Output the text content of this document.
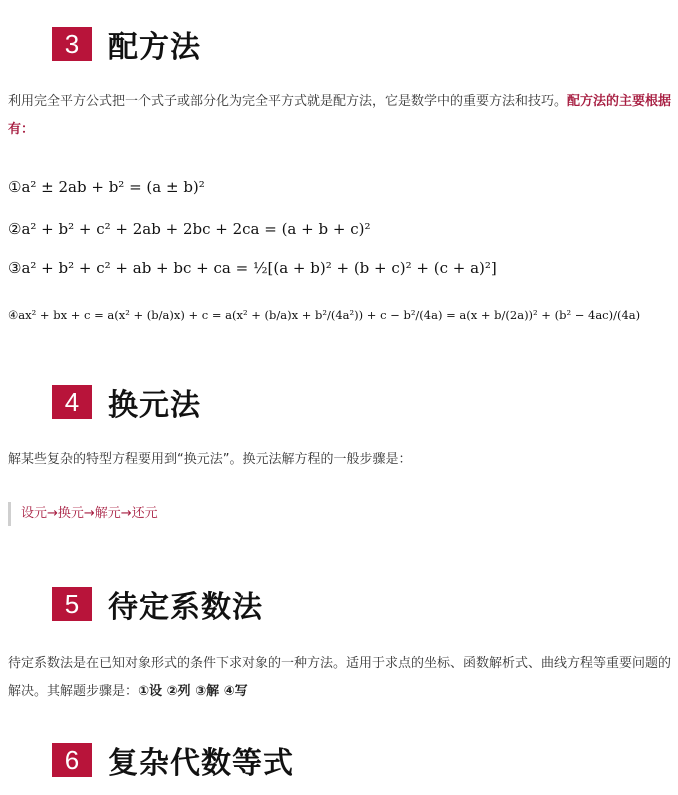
3 配方法
利用完全平方公式把一个式子或部分化为完全平方式就是配方法，它是数学中的重要方法和技巧。配方法的主要根据有：
①a² ± 2ab + b² = (a ± b)²
②a² + b² + c² + 2ab + 2bc + 2ca = (a + b + c)²
③a² + b² + c² + ab + bc + ca = ½[(a + b)² + (b + c)² + (c + a)²]
④ax² + bx + c = a(x² + (b/a)x) + c = a(x² + (b/a)x + b²/(4a²)) + c − b²/(4a) = a(x + b/(2a))² + (b² − 4ac)/(4a)
4 换元法
解某些复杂的特型方程要用到“换元法”。换元法解方程的一般步骤是：
设元→换元→解元→还元
5 待定系数法
待定系数法是在已知对象形式的条件下求对象的一种方法。适用于求点的坐标、函数解析式、曲线方程等重要问题的解决。其解题步骤是：①设 ②列 ③解 ④写
6 复杂代数等式
